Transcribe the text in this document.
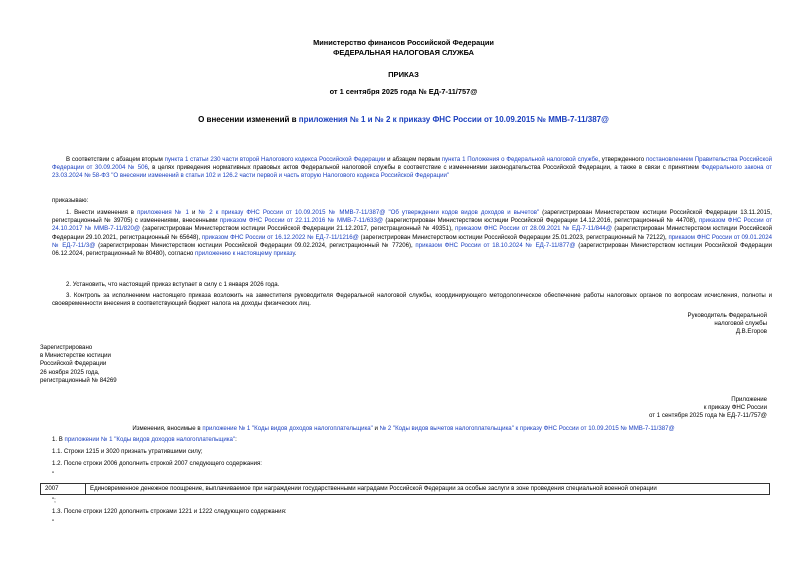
Министерство финансов Российской Федерации
ФЕДЕРАЛЬНАЯ НАЛОГОВАЯ СЛУЖБА
ПРИКАЗ
от 1 сентября 2025 года № ЕД-7-11/757@
О внесении изменений в приложения № 1 и № 2 к приказу ФНС России от 10.09.2015 № ММВ-7-11/387@
В соответствии с абзацем вторым пункта 1 статьи 230 части второй Налогового кодекса Российской Федерации и абзацем первым пункта 1 Положения о Федеральной налоговой службе, утвержденного постановлением Правительства Российской Федерации от 30.09.2004 № 506, в целях приведения нормативных правовых актов Федеральной налоговой службы в соответствие с изменениями законодательства Российской Федерации, а также в связи с принятием Федерального закона от 23.03.2024 № 58-ФЗ "О внесении изменений в статьи 102 и 126.2 части первой и часть вторую Налогового кодекса Российской Федерации"
приказываю:
1. Внести изменения в приложения № 1 и № 2 к приказу ФНС России от 10.09.2015 № ММВ-7-11/387@ "Об утверждении кодов видов доходов и вычетов" (зарегистрирован Министерством юстиции Российской Федерации 13.11.2015, регистрационный № 39705) с изменениями, внесенными приказом ФНС России от 22.11.2016 № ММВ-7-11/633@ (зарегистрирован Министерством юстиции Российской Федерации 14.12.2016, регистрационный № 44708), приказом ФНС России от 24.10.2017 № ММВ-7-11/820@ (зарегистрирован Министерством юстиции Российской Федерации 21.12.2017, регистрационный № 49351), приказом ФНС России от 28.09.2021 № ЕД-7-11/844@ (зарегистрирован Министерством юстиции Российской Федерации 29.10.2021, регистрационный № 65648), приказом ФНС России от 16.12.2022 № ЕД-7-11/1216@ (зарегистрирован Министерством юстиции Российской Федерации 25.01.2023, регистрационный № 72122), приказом ФНС России от 09.01.2024 № ЕД-7-11/3@ (зарегистрирован Министерством юстиции Российской Федерации 09.02.2024, регистрационный № 77206), приказом ФНС России от 18.10.2024 № ЕД-7-11/877@ (зарегистрирован Министерством юстиции Российской Федерации 06.12.2024, регистрационный № 80480), согласно приложению к настоящему приказу.
2. Установить, что настоящий приказ вступает в силу с 1 января 2026 года.
3. Контроль за исполнением настоящего приказа возложить на заместителя руководителя Федеральной налоговой службы, координирующего методологическое обеспечение работы налоговых органов по вопросам исчисления, полноты и своевременности внесения в соответствующий бюджет налога на доходы физических лиц.
Руководитель Федеральной
налоговой службы
Д.В.Егоров
Зарегистрировано
в Министерстве юстиции
Российской Федерации
26 ноября 2025 года,
регистрационный № 84269
Приложение
к приказу ФНС России
от 1 сентября 2025 года № ЕД-7-11/757@
Изменения, вносимые в приложение № 1 "Коды видов доходов налогоплательщика" и № 2 "Коды видов вычетов налогоплательщика" к приказу ФНС России от 10.09.2015 № ММВ-7-11/387@
1. В приложении № 1 "Коды видов доходов налогоплательщика":
1.1. Строки 1215 и 3020 признать утратившими силу;
1.2. После строки 2006 дополнить строкой 2007 следующего содержания:
"
2007	Единовременное денежное поощрение, выплачиваемое при награждении государственными наградами Российской Федерации за особые заслуги в зоне проведения специальной военной операции
";
1.3. После строки 1220 дополнить строками 1221 и 1222 следующего содержания:
"
